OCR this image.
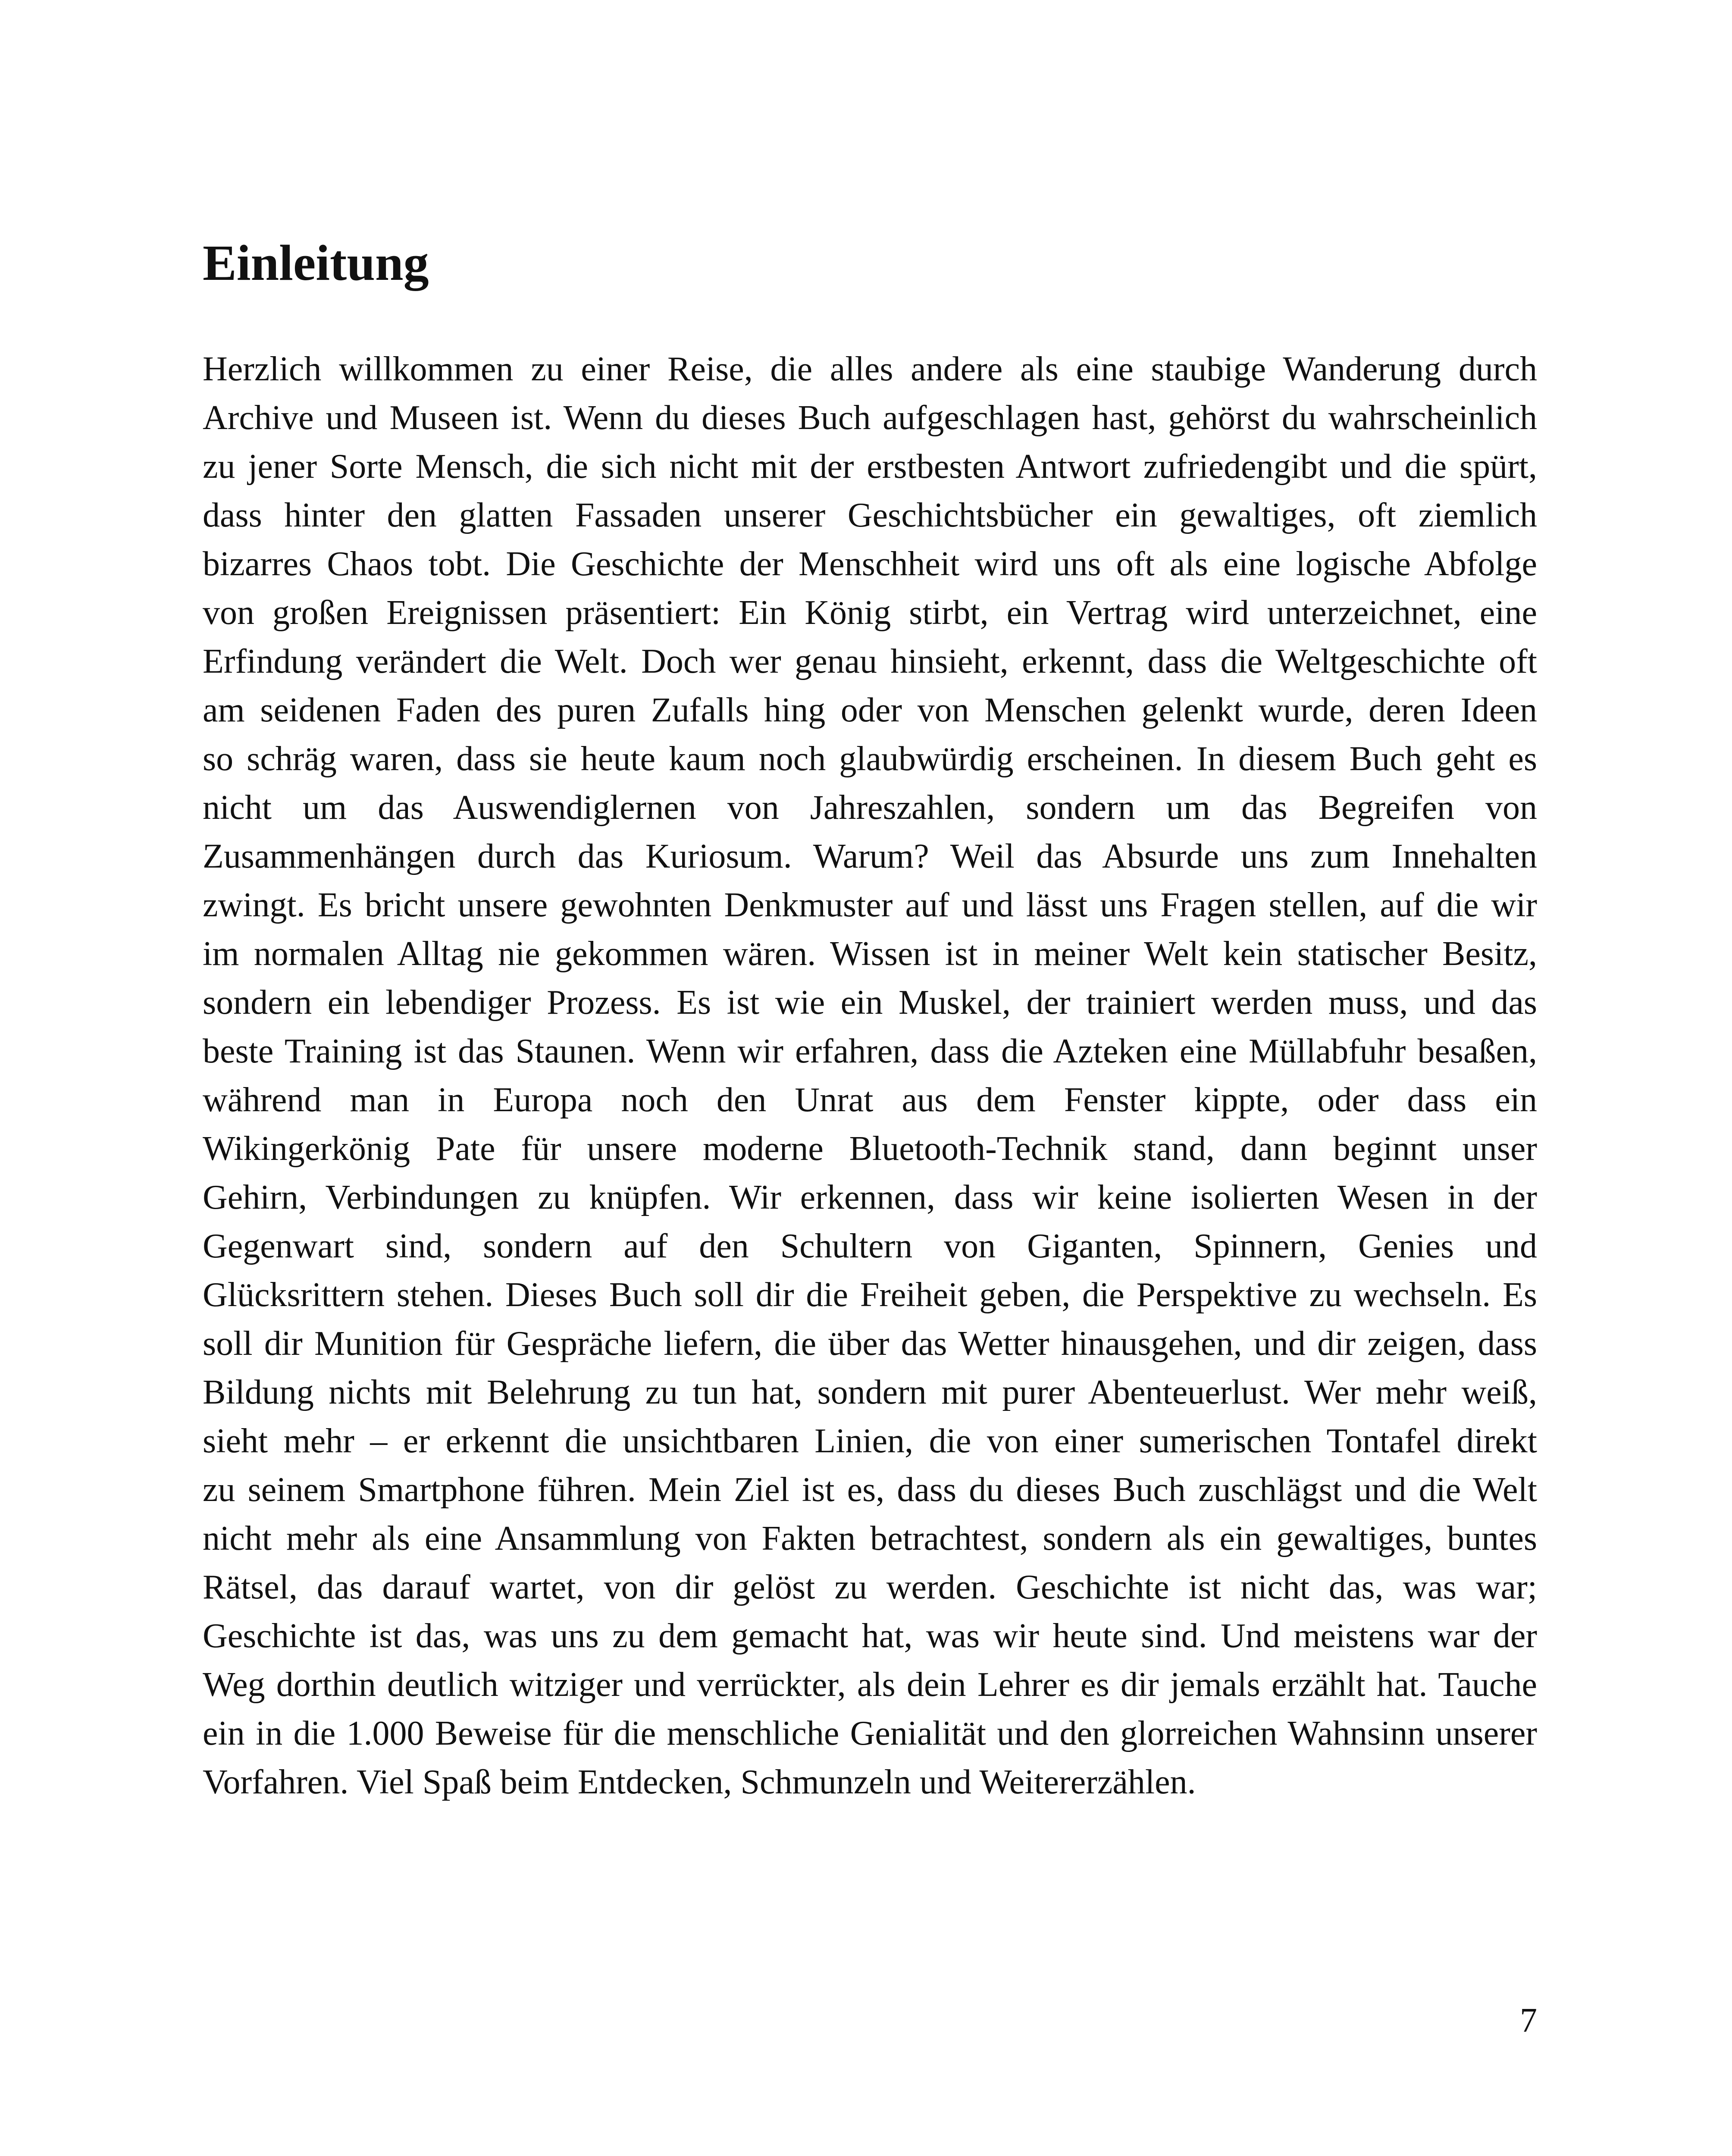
Einleitung
Herzlich willkommen zu einer Reise, die alles andere als eine staubige Wanderung durch
Archive und Museen ist. Wenn du dieses Buch aufgeschlagen hast, gehörst du wahrscheinlich
zu jener Sorte Mensch, die sich nicht mit der erstbesten Antwort zufriedengibt und die spürt,
dass hinter den glatten Fassaden unserer Geschichtsbücher ein gewaltiges, oft ziemlich
bizarres Chaos tobt. Die Geschichte der Menschheit wird uns oft als eine logische Abfolge
von großen Ereignissen präsentiert: Ein König stirbt, ein Vertrag wird unterzeichnet, eine
Erfindung verändert die Welt. Doch wer genau hinsieht, erkennt, dass die Weltgeschichte oft
am seidenen Faden des puren Zufalls hing oder von Menschen gelenkt wurde, deren Ideen
so schräg waren, dass sie heute kaum noch glaubwürdig erscheinen. In diesem Buch geht es
nicht um das Auswendiglernen von Jahreszahlen, sondern um das Begreifen von
Zusammenhängen durch das Kuriosum. Warum? Weil das Absurde uns zum Innehalten
zwingt. Es bricht unsere gewohnten Denkmuster auf und lässt uns Fragen stellen, auf die wir
im normalen Alltag nie gekommen wären. Wissen ist in meiner Welt kein statischer Besitz,
sondern ein lebendiger Prozess. Es ist wie ein Muskel, der trainiert werden muss, und das
beste Training ist das Staunen. Wenn wir erfahren, dass die Azteken eine Müllabfuhr besaßen,
während man in Europa noch den Unrat aus dem Fenster kippte, oder dass ein
Wikingerkönig Pate für unsere moderne Bluetooth-Technik stand, dann beginnt unser
Gehirn, Verbindungen zu knüpfen. Wir erkennen, dass wir keine isolierten Wesen in der
Gegenwart sind, sondern auf den Schultern von Giganten, Spinnern, Genies und
Glücksrittern stehen. Dieses Buch soll dir die Freiheit geben, die Perspektive zu wechseln. Es
soll dir Munition für Gespräche liefern, die über das Wetter hinausgehen, und dir zeigen, dass
Bildung nichts mit Belehrung zu tun hat, sondern mit purer Abenteuerlust. Wer mehr weiß,
sieht mehr – er erkennt die unsichtbaren Linien, die von einer sumerischen Tontafel direkt
zu seinem Smartphone führen. Mein Ziel ist es, dass du dieses Buch zuschlägst und die Welt
nicht mehr als eine Ansammlung von Fakten betrachtest, sondern als ein gewaltiges, buntes
Rätsel, das darauf wartet, von dir gelöst zu werden. Geschichte ist nicht das, was war;
Geschichte ist das, was uns zu dem gemacht hat, was wir heute sind. Und meistens war der
Weg dorthin deutlich witziger und verrückter, als dein Lehrer es dir jemals erzählt hat. Tauche
ein in die 1.000 Beweise für die menschliche Genialität und den glorreichen Wahnsinn unserer
Vorfahren. Viel Spaß beim Entdecken, Schmunzeln und Weitererzählen.
7
